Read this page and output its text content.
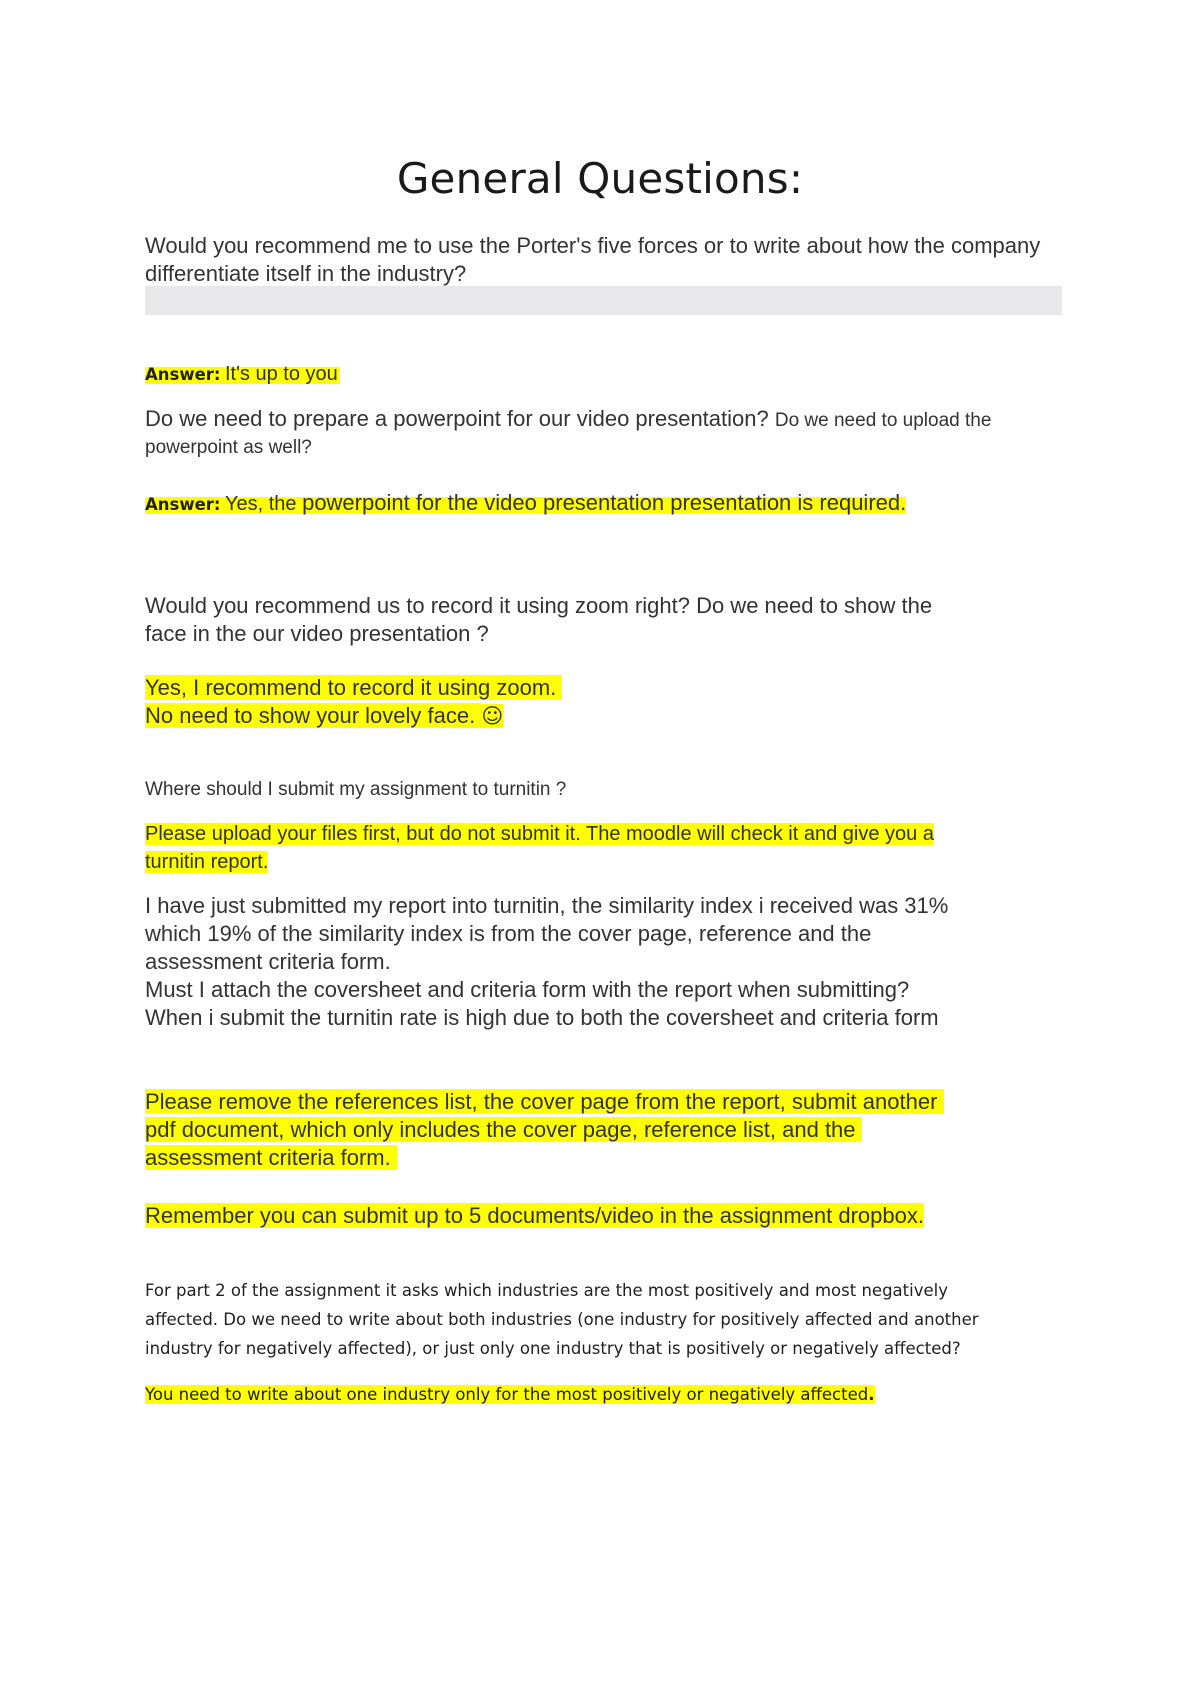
General Questions:
Would you recommend me to use the Porter's five forces or to write about how the company differentiate itself in the industry?
Answer: It's up to you
Do we need to prepare a powerpoint for our video presentation? Do we need to upload the powerpoint as well?
Answer: Yes, the powerpoint for the video presentation presentation is required.
Would you recommend us to record it using zoom right? Do we need to show the
face in the our video presentation ?
Yes, I recommend to record it using zoom.
No need to show your lovely face. ☺
Where should I submit my assignment to turnitin ?
Please upload your files first, but do not submit it. The moodle will check it and give you a
turnitin report.
I have just submitted my report into turnitin, the similarity index i received was 31%
which 19% of the similarity index is from the cover page, reference and the
assessment criteria form.
Must I attach the coversheet and criteria form with the report when submitting?
When i submit the turnitin rate is high due to both the coversheet and criteria form
Please remove the references list, the cover page from the report, submit another
pdf document, which only includes the cover page, reference list, and the
assessment criteria form.
Remember you can submit up to 5 documents/video in the assignment dropbox.
For part 2 of the assignment it asks which industries are the most positively and most negatively
affected. Do we need to write about both industries (one industry for positively affected and another
industry for negatively affected), or just only one industry that is positively or negatively affected?
You need to write about one industry only for the most positively or negatively affected.
